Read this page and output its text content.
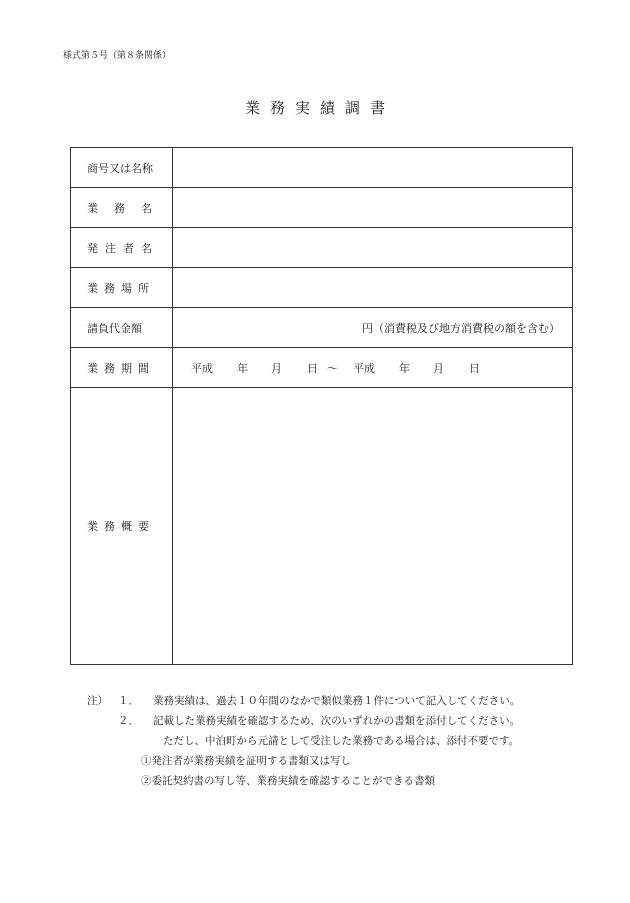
様式第５号（第８条関係）
業 務 実 績 調 書
商号又は名称	
業 務 名	
発 注 者 名	
業 務 場 所	
請負代金額	円（消費税及び地方消費税の額を含む）

業 務 期 間	平成 年 月 日 ～ 平成 年 月 日

業 務 概 要	
注） １． 業務実績は、過去１０年間のなかで類似業務１件について記入してください。
２． 記載した業務実績を確認するため、次のいずれかの書類を添付してください。
ただし、中泊町から元請として受注した業務である場合は、添付不要です。
①発注者が業務実績を証明する書類又は写し
②委託契約書の写し等、業務実績を確認することができる書類
